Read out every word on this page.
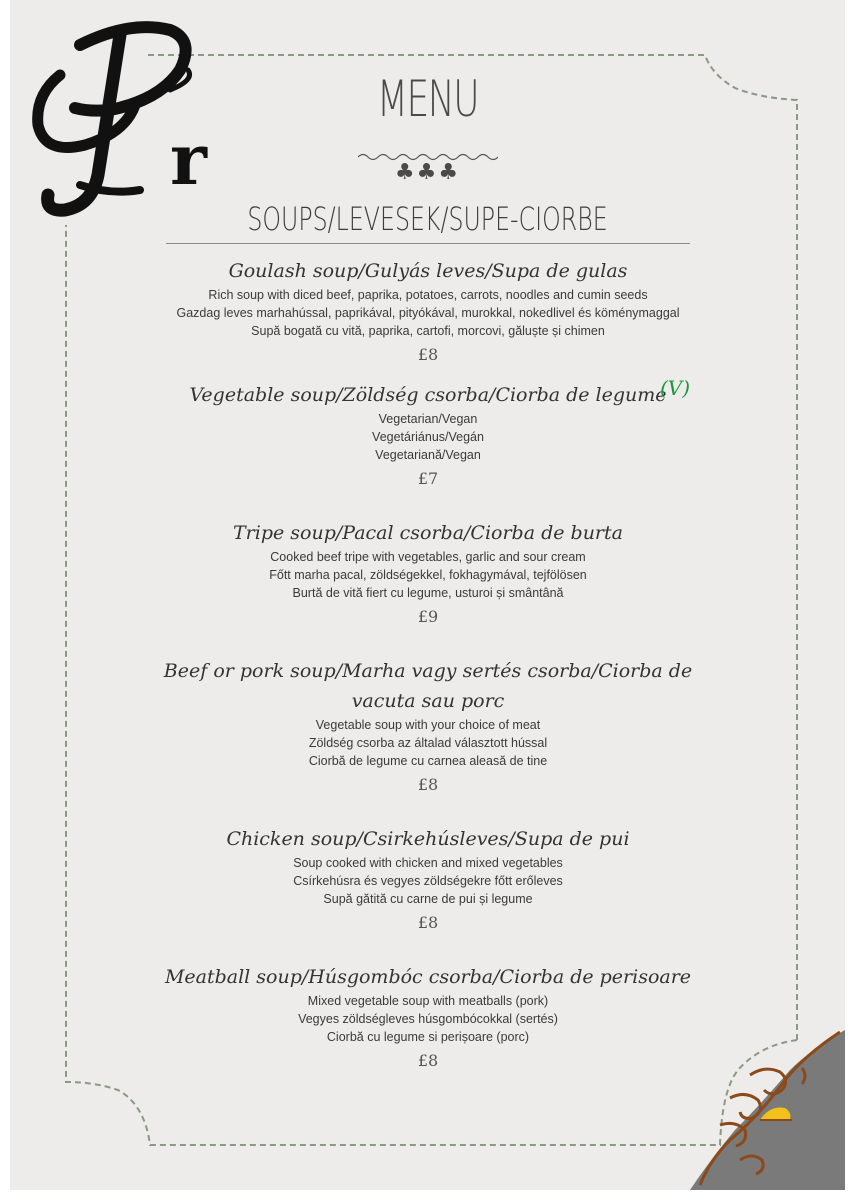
r
MENU
♣♣♣
SOUPS/LEVESEK/SUPE-CIORBE
Goulash soup/Gulyás leves/Supa de gulas
Rich soup with diced beef, paprika, potatoes, carrots, noodles and cumin seeds
Gazdag leves marhahússal, paprikával, pityókával, murokkal, nokedlivel és köménymaggal
Supă bogată cu vită, paprika, cartofi, morcovi, găluște și chimen
£8
Vegetable soup/Zöldség csorba/Ciorba de legume
Vegetarian/Vegan
Vegetáriánus/Vegán
Vegetariană/Vegan
£7
(V)
Tripe soup/Pacal csorba/Ciorba de burta
Cooked beef tripe with vegetables, garlic and sour cream
Főtt marha pacal, zöldségekkel, fokhagymával, tejfölösen
Burtă de vită fiert cu legume, usturoi și smântână
£9
Beef or pork soup/Marha vagy sertés csorba/Ciorba de vacuta sau porc
Vegetable soup with your choice of meat
Zöldség csorba az általad választott hússal
Ciorbă de legume cu carnea aleasă de tine
£8
Chicken soup/Csirkehúsleves/Supa de pui
Soup cooked with chicken and mixed vegetables
Csírkehúsra és vegyes zöldségekre főtt erőleves
Supă gătită cu carne de pui și legume
£8
Meatball soup/Húsgombóc csorba/Ciorba de perisoare
Mixed vegetable soup with meatballs (pork)
Vegyes zöldségleves húsgombócokkal (sertés)
Ciorbă cu legume si perișoare (porc)
£8
